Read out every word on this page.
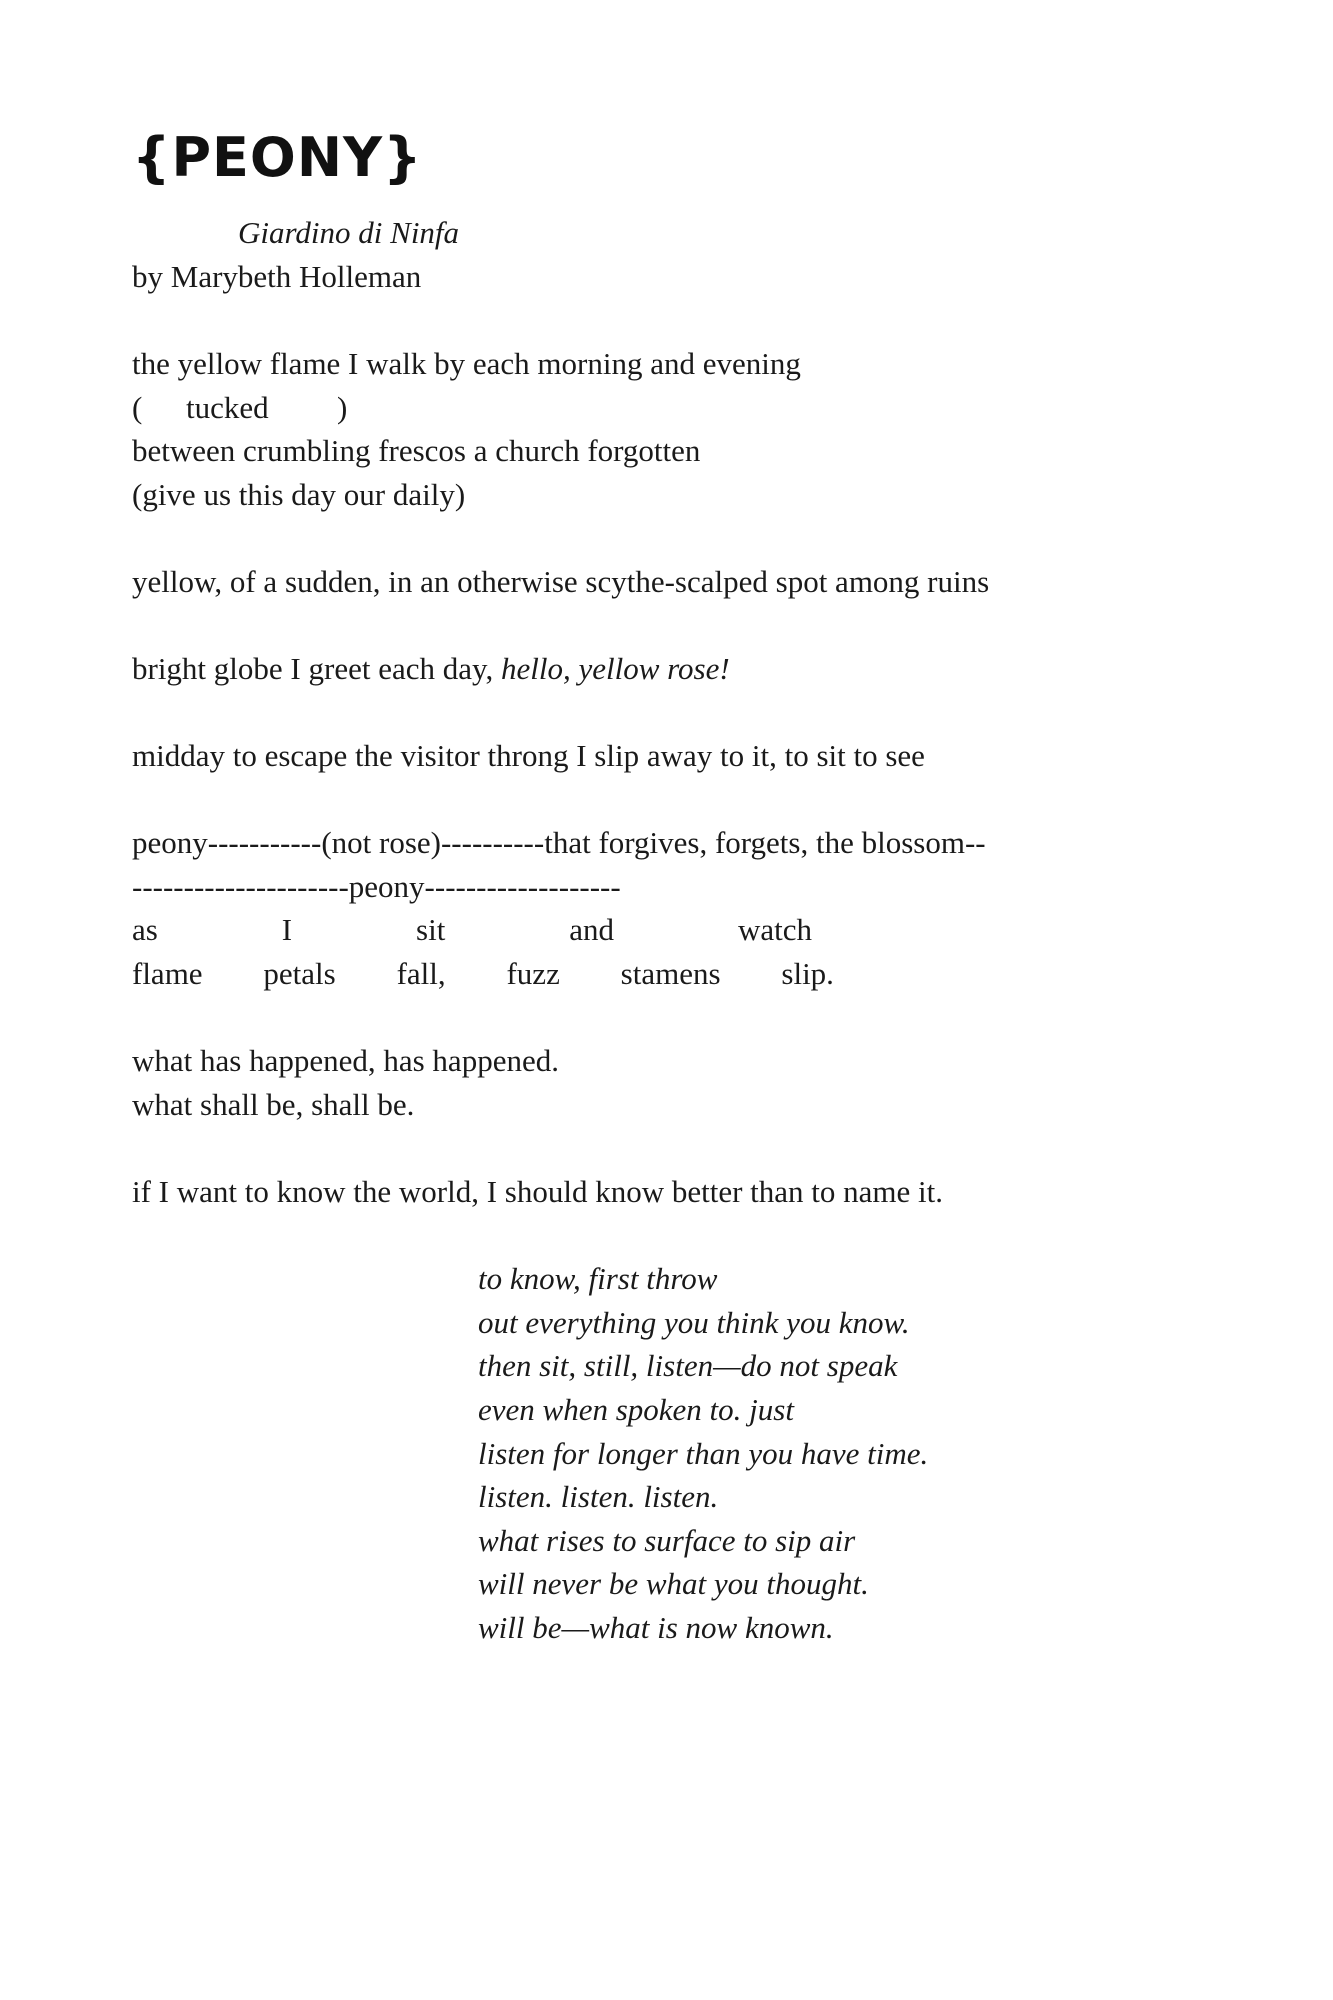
{PEONY}

Giardino di Ninfa

by Marybeth Holleman

the yellow flame I walk by each morning and evening

( tucked )

between crumbling frescos a church forgotten

(give us this day our daily)

yellow, of a sudden, in an otherwise scythe-scalped spot among ruins

bright globe I greet each day, hello, yellow rose!

midday to escape the visitor throng I slip away to it, to sit to see

peony-----------(not rose)----------that forgives, forgets, the blossom--

---------------------peony-------------------

as	I	sit	and	watch
flame petals fall, fuzz stamens slip.

what has happened, has happened.

what shall be, shall be.

if I want to know the world, I should know better than to name it.

to know, first throw

out everything you think you know.

then sit, still, listen—do not speak

even when spoken to. just

listen for longer than you have time.

listen. listen. listen.

what rises to surface to sip air

will never be what you thought.

will be—what is now known.
